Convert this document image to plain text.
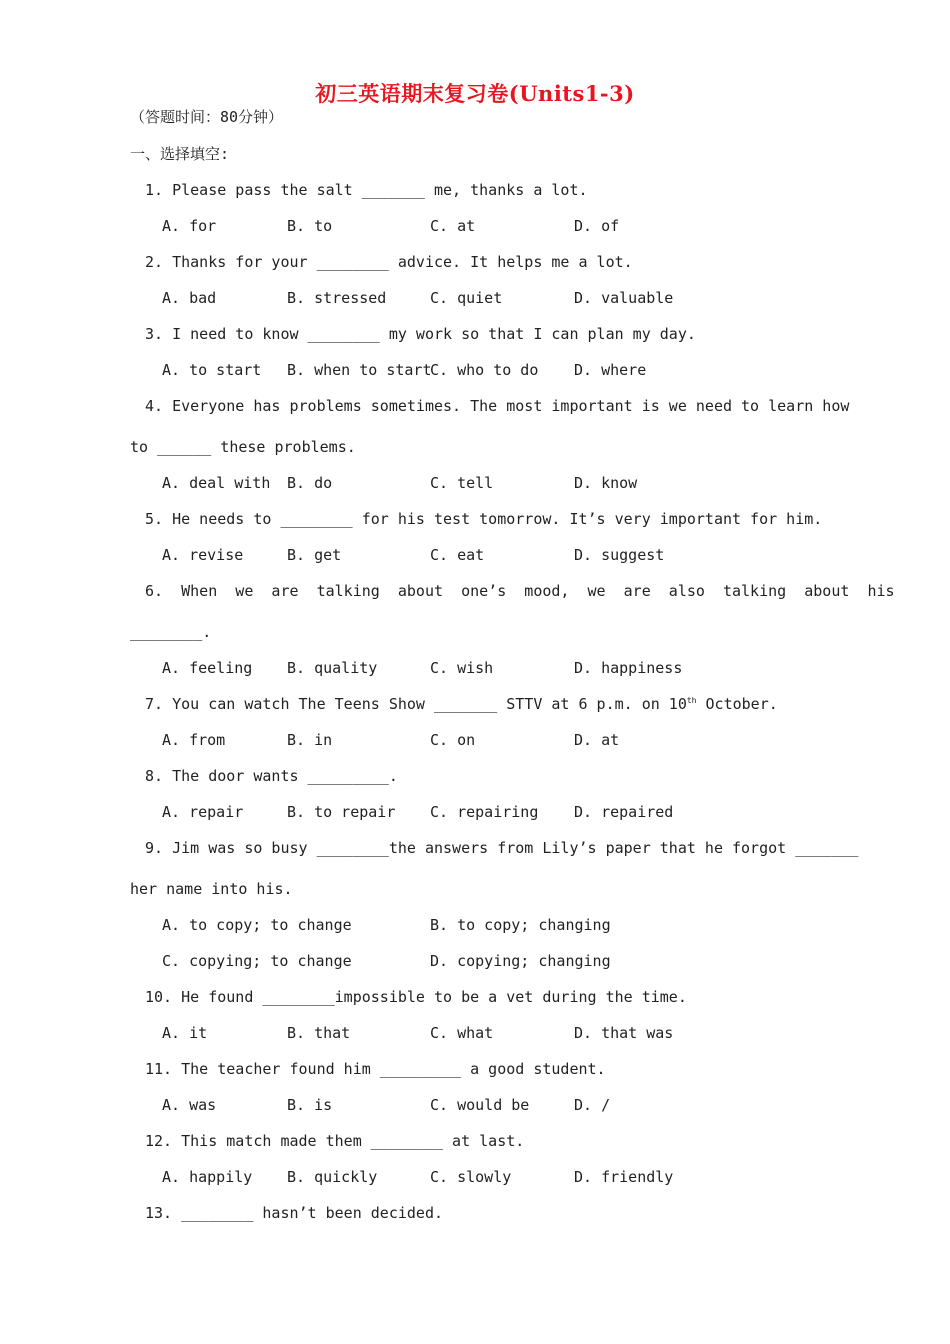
初三英语期末复习卷(Units1-3)
（答题时间：80分钟）
一、选择填空:
1. Please pass the salt _______ me, thanks a lot.
A. for	B. to	C. at	D. of
2. Thanks for your ________ advice. It helps me a lot.
A. bad	B. stressed	C. quiet	D. valuable
3. I need to know ________ my work so that I can plan my day.
A. to start B. when to start
C. who to do D. where
4. Everyone has problems sometimes. The most important is we need to learn how
to ______ these problems.
A. deal with B. do	C. tell	D. know
5. He needs to ________ for his test tomorrow. It’s very important for him.
A. revise	B. get	C. eat	D. suggest
6.  When  we  are  talking  about  one’s  mood,  we  are  also  talking  about  his
________.
A. feeling B. quality	C. wish	D. happiness
7. You can watch The Teens Show _______ STTV at 6 p.m. on 10th October.
A. from	B. in	C. on	D. at
8. The door wants _________.
A. repair	B. to repair C. repairing D. repaired
9. Jim was so busy ________the answers from Lily’s paper that he forgot _______
her name into his.
A. to copy; to change	B. to copy; changing
C. copying; to change	D. copying; changing
10. He found ________impossible to be a vet during the time.
A. it	B. that	C. what	D. that was
11. The teacher found him _________ a good student.
A. was	B. is	C. would be	D. /
12. This match made them ________ at last.
A. happily B. quickly	C. slowly	D. friendly
13. ________ hasn’t been decided.
